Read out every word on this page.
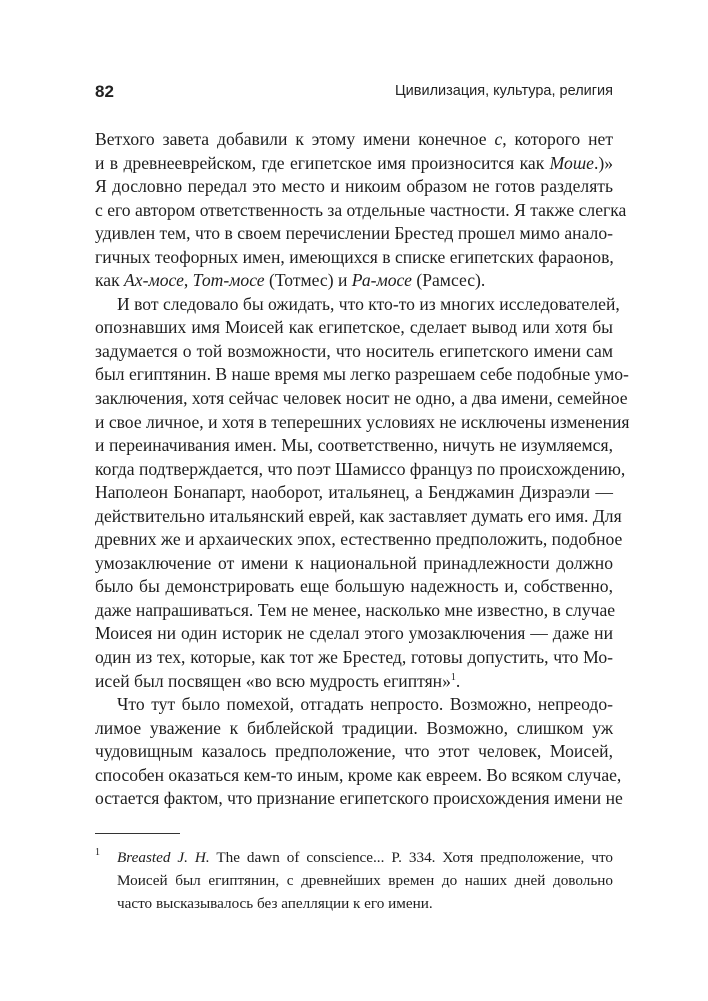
82	Цивилизация, культура, религия
Ветхого завета добавили к этому имени конечное с, которого нет
и в древнееврейском, где египетское имя произносится как Моше.)»
Я дословно передал это место и никоим образом не готов разделять
с его автором ответственность за отдельные частности. Я также слегка
удивлен тем, что в своем перечислении Брестед прошел мимо анало-
гичных теофорных имен, имеющихся в списке египетских фараонов,
как Ах-мосе, Тот-мосе (Тотмес) и Ра-мосе (Рамсес).
И вот следовало бы ожидать, что кто-то из многих исследователей,
опознавших имя Моисей как египетское, сделает вывод или хотя бы
задумается о той возможности, что носитель египетского имени сам
был египтянин. В наше время мы легко разрешаем себе подобные умо-
заключения, хотя сейчас человек носит не одно, а два имени, семейное
и свое личное, и хотя в теперешних условиях не исключены изменения
и переиначивания имен. Мы, соответственно, ничуть не изумляемся,
когда подтверждается, что поэт Шамиссо француз по происхождению,
Наполеон Бонапарт, наоборот, итальянец, а Бенджамин Дизраэли —
действительно итальянский еврей, как заставляет думать его имя. Для
древних же и архаических эпох, естественно предположить, подобное
умозаключение от имени к национальной принадлежности должно
было бы демонстрировать еще большую надежность и, собственно,
даже напрашиваться. Тем не менее, насколько мне известно, в случае
Моисея ни один историк не сделал этого умозаключения — даже ни
один из тех, которые, как тот же Брестед, готовы допустить, что Мо-
исей был посвящен «во всю мудрость египтян»$^1$.
Что тут было помехой, отгадать непросто. Возможно, непреодо-
лимое уважение к библейской традиции. Возможно, слишком уж
чудовищным казалось предположение, что этот человек, Моисей,
способен оказаться кем-то иным, кроме как евреем. Во всяком случае,
остается фактом, что признание египетского происхождения имени не
1 Breasted J. H. The dawn of conscience... P. 334. Хотя предположение, что
Моисей был египтянин, с древнейших времен до наших дней довольно
часто высказывалось без апелляции к его имени.
